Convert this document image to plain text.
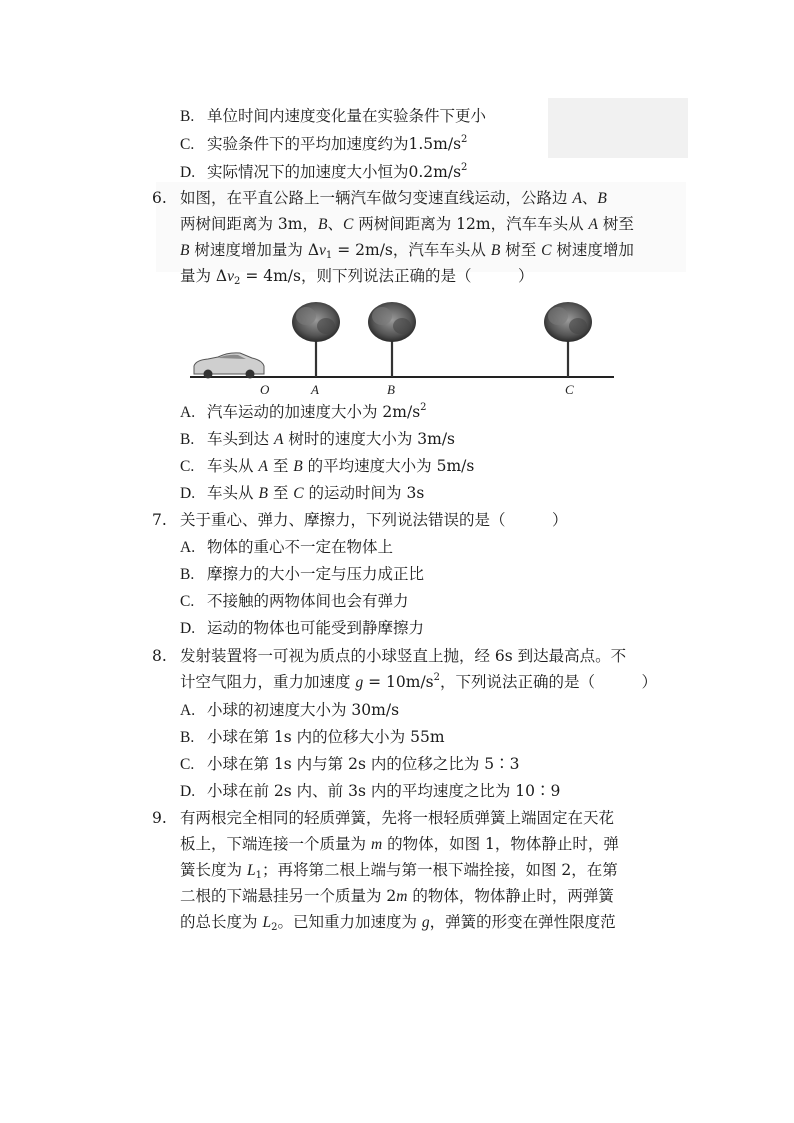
B. 单位时间内速度变化量在实验条件下更小
C. 实验条件下的平均加速度约为$1.5m/s^2$
D. 实际情况下的加速度大小恒为$0.2m/s^2$
6. 如图，在平直公路上一辆汽车做匀变速直线运动，公路边 A、B
两树间距离为 3m，B、C 两树间距离为 12m，汽车车头从 A 树至
B 树速度增加量为 $\Delta v_1 = 2m/s$，汽车车头从 B 树至 C 树速度增加
量为 $\Delta v_2 = 4m/s$，则下列说法正确的是（　　　）
O	A	B	C
A. 汽车运动的加速度大小为 $2m/s^2$
B. 车头到达 A 树时的速度大小为 3m/s
C. 车头从 A 至 B 的平均速度大小为 5m/s
D. 车头从 B 至 C 的运动时间为 3s
7. 关于重心、弹力、摩擦力，下列说法错误的是（　　　）
A. 物体的重心不一定在物体上
B. 摩擦力的大小一定与压力成正比
C. 不接触的两物体间也会有弹力
D. 运动的物体也可能受到静摩擦力
8. 发射装置将一可视为质点的小球竖直上抛，经 6s 到达最高点。不
计空气阻力，重力加速度 $g = 10m/s^2$，下列说法正确的是（　　　）
A. 小球的初速度大小为 30m/s
B. 小球在第 1s 内的位移大小为 55m
C. 小球在第 1s 内与第 2s 内的位移之比为 5∶3
D. 小球在前 2s 内、前 3s 内的平均速度之比为 10∶9
9. 有两根完全相同的轻质弹簧，先将一根轻质弹簧上端固定在天花
板上，下端连接一个质量为 m 的物体，如图 1，物体静止时，弹
簧长度为 $L_1$；再将第二根上端与第一根下端拴接，如图 2，在第
二根的下端悬挂另一个质量为 2m 的物体，物体静止时，两弹簧
的总长度为 $L_2$。已知重力加速度为 g，弹簧的形变在弹性限度范
